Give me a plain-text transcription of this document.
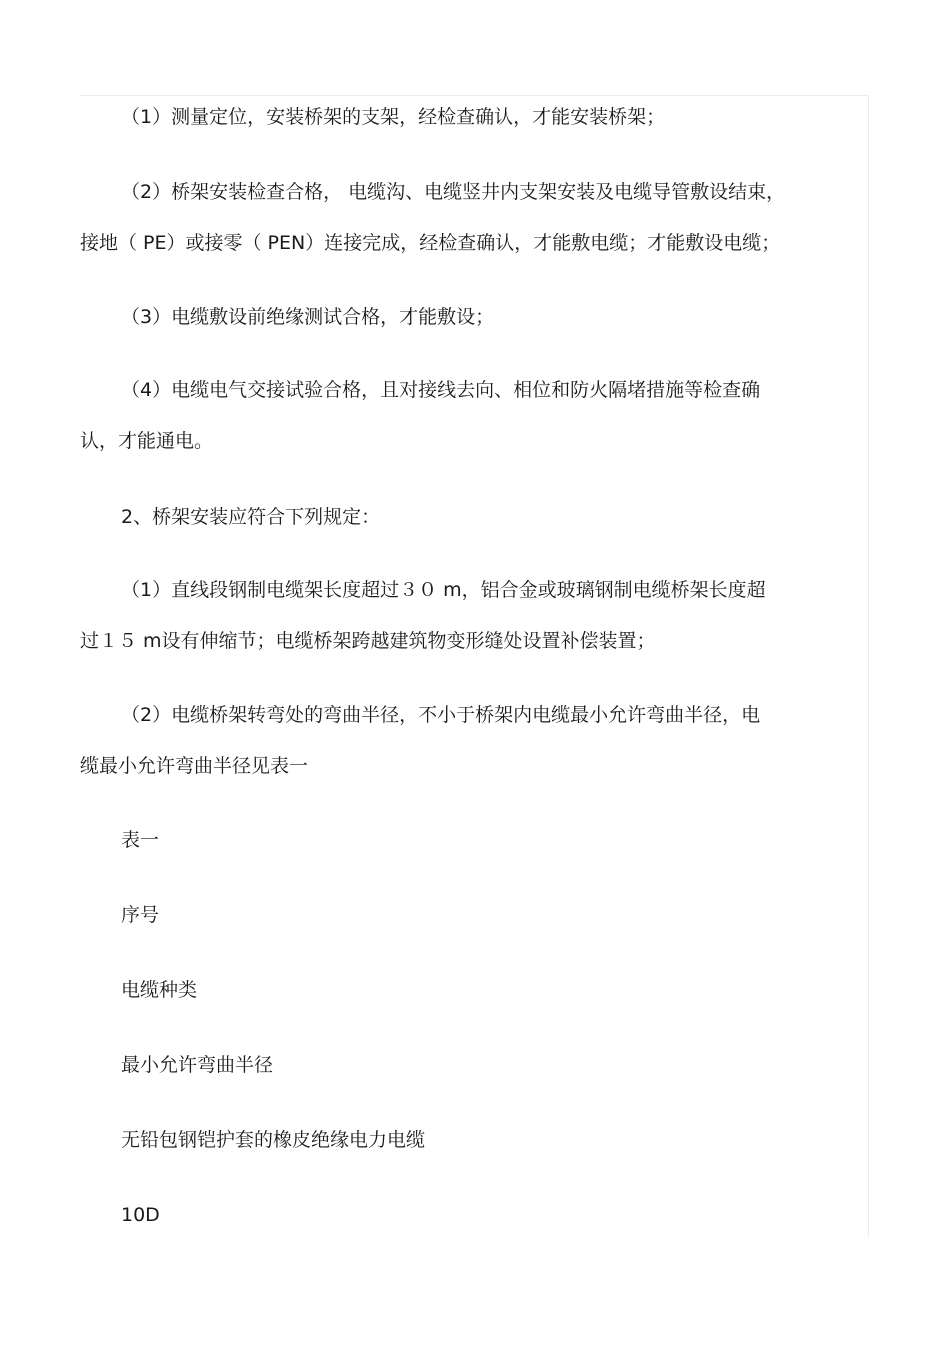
（1）测量定位，安装桥架的支架，经检查确认，才能安装桥架；
（2）桥架安装检查合格， 电缆沟、电缆竖井内支架安装及电缆导管敷设结束，
接地（ PE）或接零（ PEN）连接完成，经检查确认，才能敷电缆；才能敷设电缆；
（3）电缆敷设前绝缘测试合格，才能敷设；
（4）电缆电气交接试验合格，且对接线去向、相位和防火隔堵措施等检查确
认，才能通电。
2、桥架安装应符合下列规定：
（1）直线段钢制电缆架长度超过３０ m，铝合金或玻璃钢制电缆桥架长度超
过１５ m设有伸缩节；电缆桥架跨越建筑物变形缝处设置补偿装置；
（2）电缆桥架转弯处的弯曲半径，不小于桥架内电缆最小允许弯曲半径，电
缆最小允许弯曲半径见表一
表一
序号
电缆种类
最小允许弯曲半径
无铅包钢铠护套的橡皮绝缘电力电缆
10D
